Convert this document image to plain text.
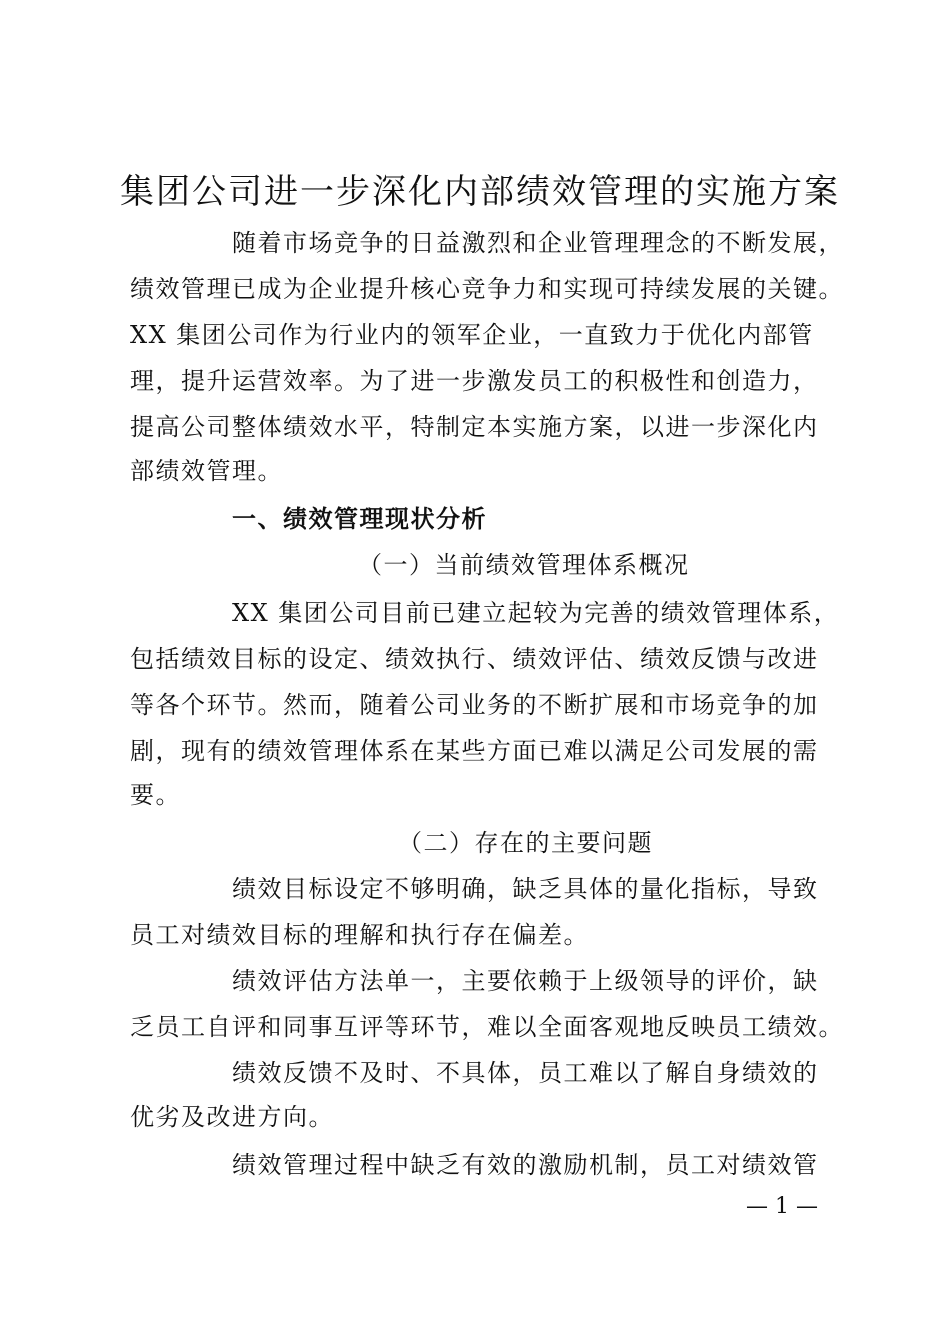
集团公司进一步深化内部绩效管理的实施方案
随着市场竞争的日益激烈和企业管理理念的不断发展，
绩效管理已成为企业提升核心竞争力和实现可持续发展的关键。
XX 集团公司作为行业内的领军企业，一直致力于优化内部管
理，提升运营效率。为了进一步激发员工的积极性和创造力，
提高公司整体绩效水平，特制定本实施方案，以进一步深化内
部绩效管理。
一、绩效管理现状分析
（一）当前绩效管理体系概况
XX 集团公司目前已建立起较为完善的绩效管理体系，
包括绩效目标的设定、绩效执行、绩效评估、绩效反馈与改进
等各个环节。然而，随着公司业务的不断扩展和市场竞争的加
剧，现有的绩效管理体系在某些方面已难以满足公司发展的需
要。
（二）存在的主要问题
绩效目标设定不够明确，缺乏具体的量化指标，导致
员工对绩效目标的理解和执行存在偏差。
绩效评估方法单一，主要依赖于上级领导的评价，缺
乏员工自评和同事互评等环节，难以全面客观地反映员工绩效。
绩效反馈不及时、不具体，员工难以了解自身绩效的
优劣及改进方向。
绩效管理过程中缺乏有效的激励机制，员工对绩效管
— 1 —
